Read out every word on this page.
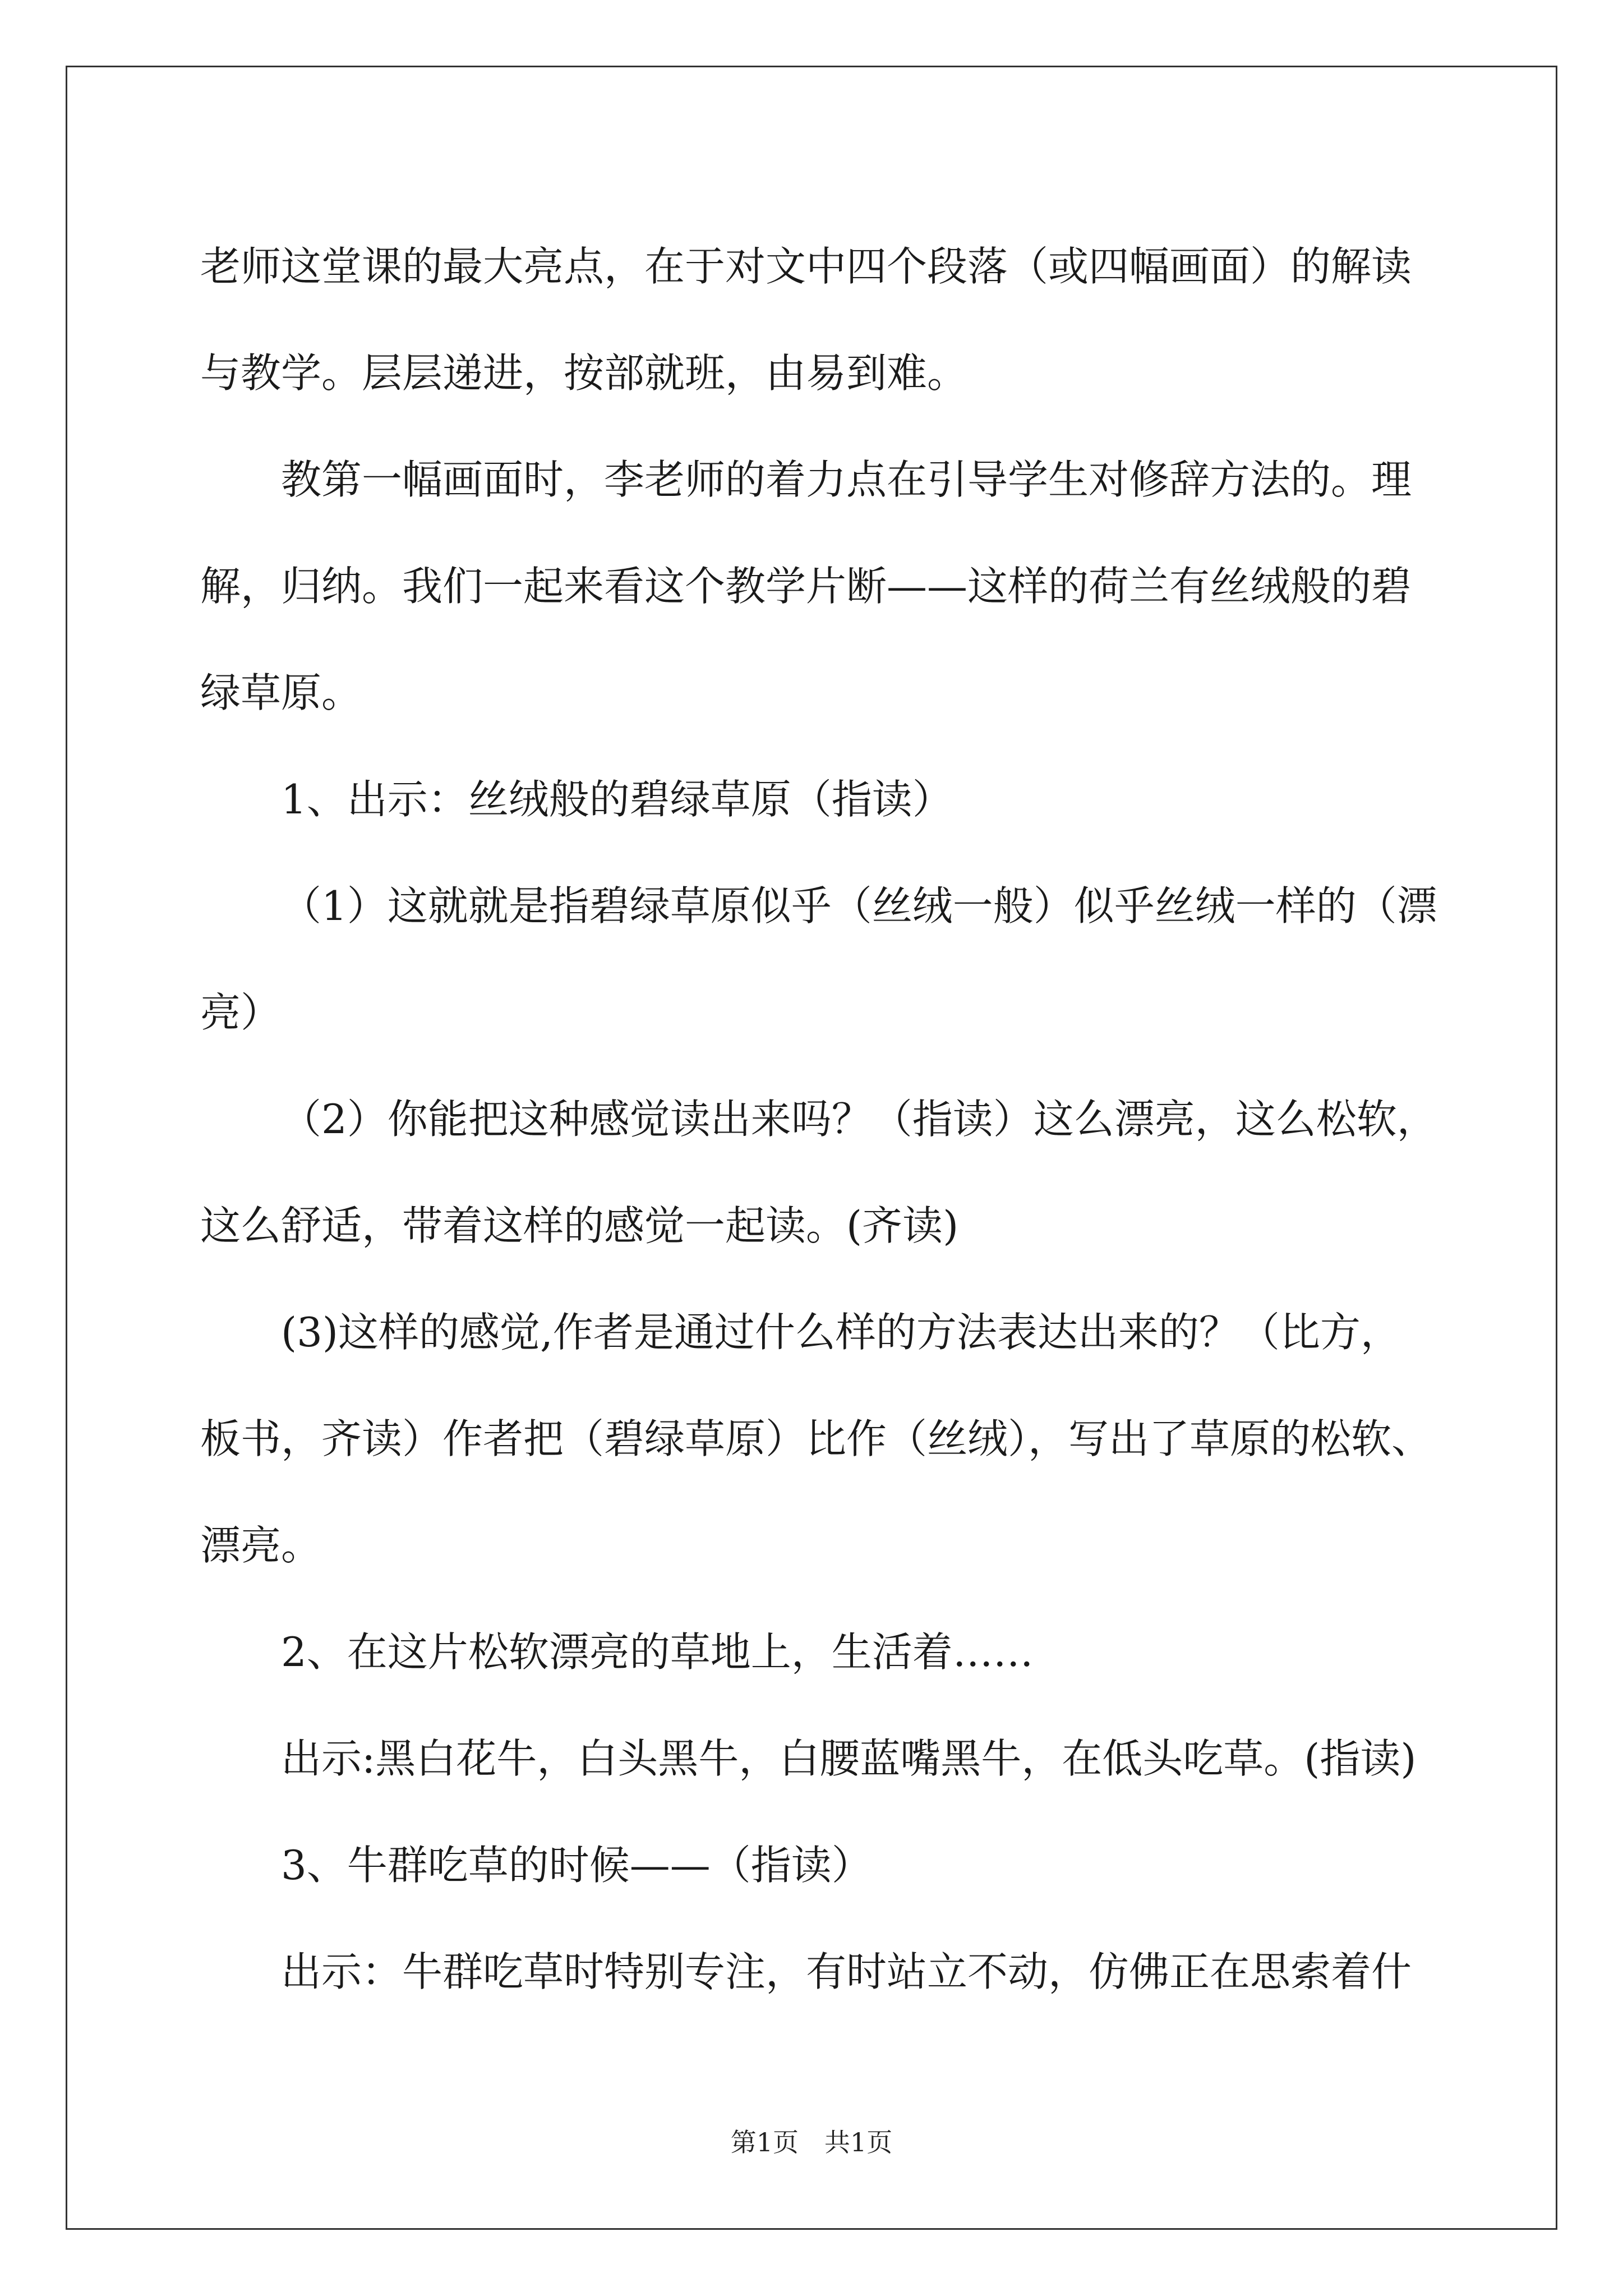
老师这堂课的最大亮点，在于对文中四个段落（或四幅画面）的解读

与教学。层层递进，按部就班，由易到难。

教第一幅画面时，李老师的着力点在引导学生对修辞方法的。理

解，归纳。我们一起来看这个教学片断——这样的荷兰有丝绒般的碧

绿草原。

1、出示：丝绒般的碧绿草原（指读）

（1）这就就是指碧绿草原似乎（丝绒一般）似乎丝绒一样的（漂

亮）

（2）你能把这种感觉读出来吗？（指读）这么漂亮，这么松软，

这么舒适，带着这样的感觉一起读。(齐读)

(3)这样的感觉,作者是通过什么样的方法表达出来的？（比方，

板书，齐读）作者把（碧绿草原）比作（丝绒），写出了草原的松软、

漂亮。

2、在这片松软漂亮的草地上，生活着……

出示:黑白花牛，白头黑牛，白腰蓝嘴黑牛，在低头吃草。(指读)

3、牛群吃草的时候——（指读）

出示：牛群吃草时特别专注，有时站立不动，仿佛正在思索着什

第1页　共1页
